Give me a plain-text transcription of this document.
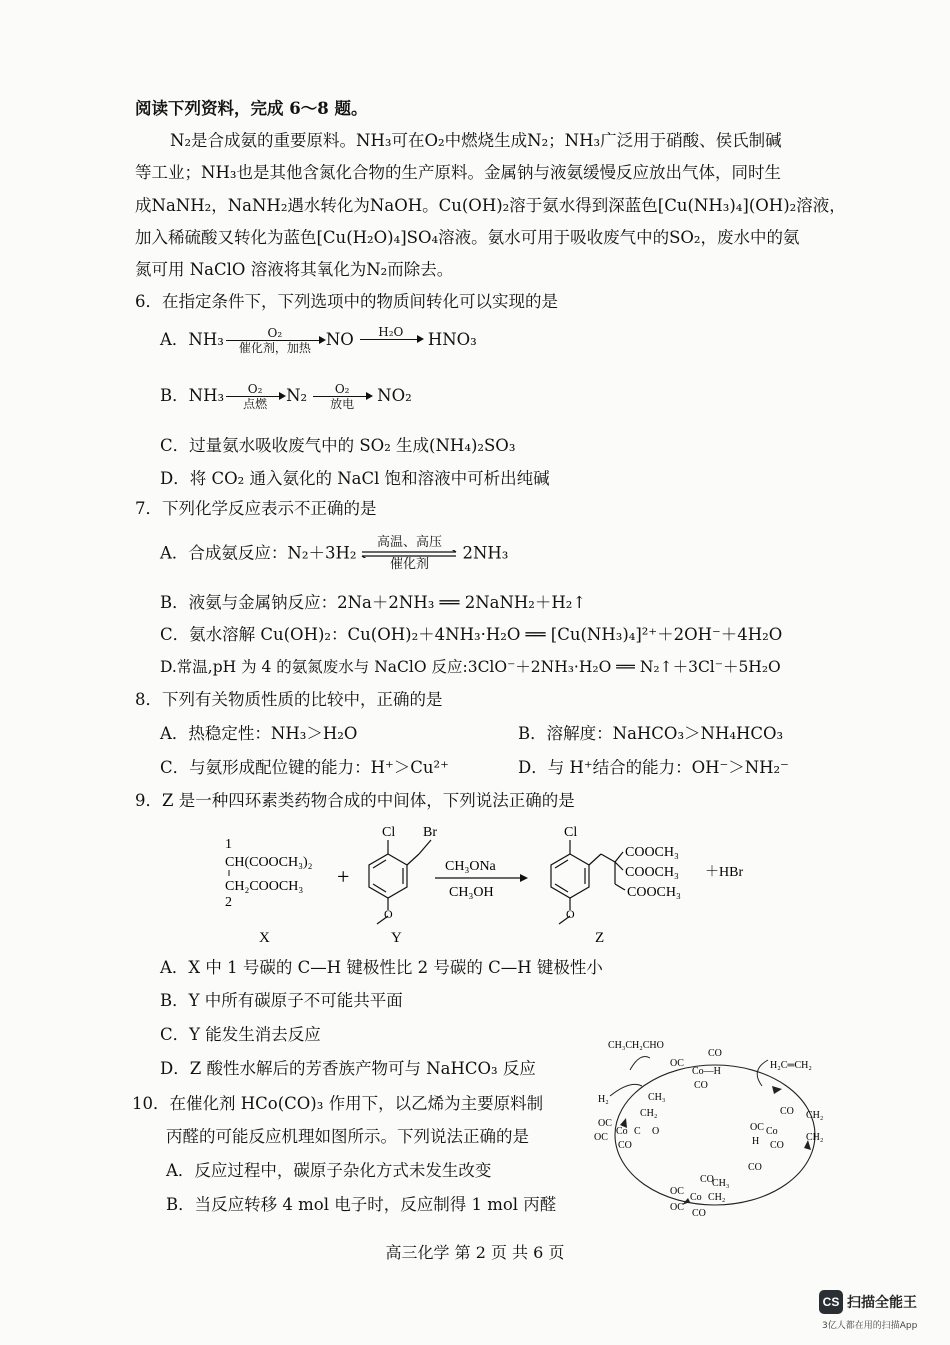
阅读下列资料，完成 6～8 题。
N₂是合成氨的重要原料。NH₃可在O₂中燃烧生成N₂；NH₃广泛用于硝酸、侯氏制碱
等工业；NH₃也是其他含氮化合物的生产原料。金属钠与液氨缓慢反应放出气体，同时生
成NaNH₂，NaNH₂遇水转化为NaOH。Cu(OH)₂溶于氨水得到深蓝色[Cu(NH₃)₄](OH)₂溶液，
加入稀硫酸又转化为蓝色[Cu(H₂O)₄]SO₄溶液。氨水可用于吸收废气中的SO₂，废水中的氨
氮可用 NaClO 溶液将其氧化为N₂而除去。
6．在指定条件下，下列选项中的物质间转化可以实现的是
A．NH₃	O₂
催化剂，加热 NO	H₂O	HNO₃
B．NH₃	O₂
点燃	N₂	O₂
放电	NO₂
C．过量氨水吸收废气中的 SO₂ 生成(NH₄)₂SO₃
D．将 CO₂ 通入氨化的 NaCl 饱和溶液中可析出纯碱
7．下列化学反应表示不正确的是
A．合成氨反应：N₂＋3H₂
高温、高压
催化剂
2NH₃
B．液氨与金属钠反应：2Na＋2NH₃ ══ 2NaNH₂＋H₂↑
C．氨水溶解 Cu(OH)₂：Cu(OH)₂＋4NH₃·H₂O ══ [Cu(NH₃)₄]²⁺＋2OH⁻＋4H₂O
D.常温,pH 为 4 的氨氮废水与 NaClO 反应:3ClO⁻＋2NH₃·H₂O ══ N₂↑＋3Cl⁻＋5H₂O
8．下列有关物质性质的比较中，正确的是
A．热稳定性：NH₃＞H₂O	B．溶解度：NaHCO₃＞NH₄HCO₃
C．与氨形成配位键的能力：H⁺＞Cu²⁺	D．与 H⁺结合的能力：OH⁻＞NH₂⁻
9．Z 是一种四环素类药物合成的中间体，下列说法正确的是
1
CH(COOCH₃)₂
CH₂COOCH₃
2
X
+
Cl Br
O
Y
CH₃ONa
CH₃OH
Cl
COOCH₃
COOCH₃
COOCH₃
＋HBr
O
Z
A．X 中 1 号碳的 C—H 键极性比 2 号碳的 C—H 键极性小
B．Y 中所有碳原子不可能共平面
C．Y 能发生消去反应
D．Z 酸性水解后的芳香族产物可与 NaHCO₃ 反应
10．在催化剂 HCo(CO)₃ 作用下，以乙烯为主要原料制
丙醛的可能反应机理如图所示。下列说法正确的是
A．反应过程中，碳原子杂化方式未发生改变
B．当反应转移 4 mol 电子时，反应制得 1 mol 丙醛
CH₃CH₂CHO
OC
Co—H
CO
CO
H₂C═CH₂
CO
OC Co
H CO
CH₂
CH₂
CO
CO
CH₃
OC
Co CH₂
OC
CO
H₂	CH₃
CH₂
OC
OC
Co C O
CO
高三化学 第 2 页 共 6 页
CS 扫描全能王
3亿人都在用的扫描App
